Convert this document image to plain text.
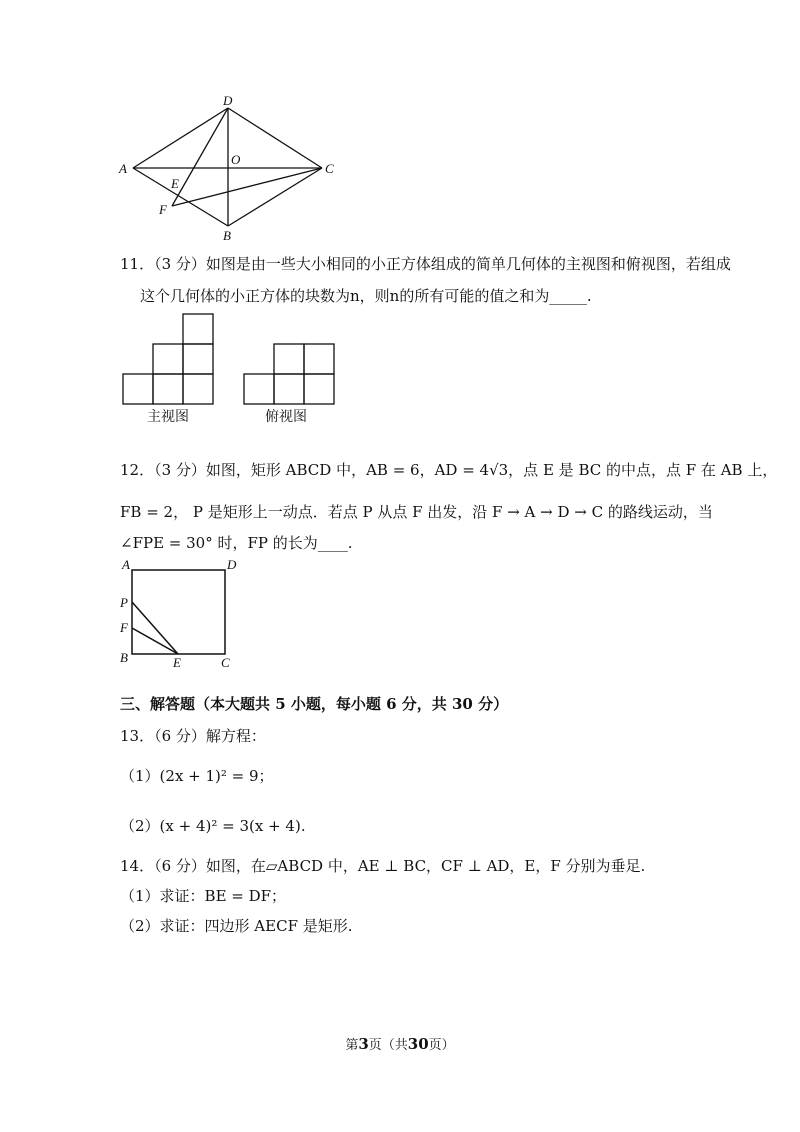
D
A
O
C
E
F
B
11．（3 分）如图是由一些大小相同的小正方体组成的简单几何体的主视图和俯视图，若组成
这个几何体的小正方体的块数为n，则n的所有可能的值之和为_____.
主视图	俯视图
12．（3 分）如图，矩形 ABCD 中，AB = 6，AD = 4√3，点 E 是 BC 的中点，点 F 在 AB 上，
FB = 2， P 是矩形上一动点．若点 P 从点 F 出发，沿 F → A → D → C 的路线运动，当
∠FPE = 30° 时，FP 的长为____.
A	D
P
F
B	E	C
三、解答题（本大题共 5 小题，每小题 6 分，共 30 分）
13．（6 分）解方程：
（1）(2x + 1)² = 9；
（2）(x + 4)² = 3(x + 4).
14．（6 分）如图，在▱ABCD 中，AE ⊥ BC，CF ⊥ AD，E，F 分别为垂足.
（1）求证：BE = DF；
（2）求证：四边形 AECF 是矩形.
第3页（共30页）
